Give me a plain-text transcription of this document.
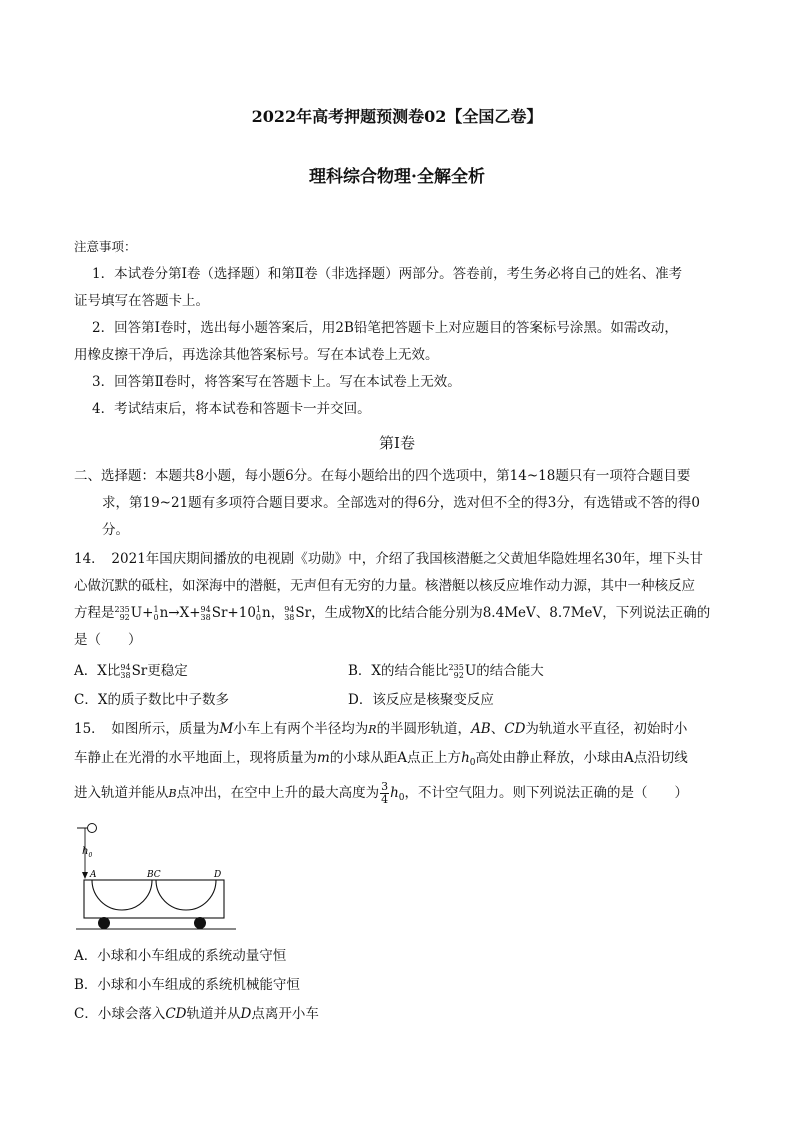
2022年高考押题预测卷02【全国乙卷】
理科综合物理·全解全析
注意事项：
1．本试卷分第Ⅰ卷（选择题）和第Ⅱ卷（非选择题）两部分。答卷前，考生务必将自己的姓名、准考
证号填写在答题卡上。
2．回答第Ⅰ卷时，选出每小题答案后，用2B铅笔把答题卡上对应题目的答案标号涂黑。如需改动，
用橡皮擦干净后，再选涂其他答案标号。写在本试卷上无效。
3．回答第Ⅱ卷时，将答案写在答题卡上。写在本试卷上无效。
4．考试结束后，将本试卷和答题卡一并交回。
第Ⅰ卷
二、选择题：本题共8小题，每小题6分。在每小题给出的四个选项中，第14~18题只有一项符合题目要
求，第19~21题有多项符合题目要求。全部选对的得6分，选对但不全的得3分，有选错或不答的得0
分。
14．　2021年国庆期间播放的电视剧《功勋》中，介绍了我国核潜艇之父黄旭华隐姓埋名30年，埋下头甘
心做沉默的砥柱，如深海中的潜艇，无声但有无穷的力量。核潜艇以核反应堆作动力源，其中一种核反应
方程是 235
92 U+ 1
0 n→X+ 94
38 Sr+10 1
0 n， 94
38 Sr，生成物X的比结合能分别为8.4MeV、8.7MeV，下列说法正确的
是（　　）
A．X比 94
38 Sr更稳定	B．X的结合能比 235
92 U的结合能大
C．X的质子数比中子数多	D．该反应是核聚变反应
15．　如图所示，质量为M小车上有两个半径均为R的半圆形轨道，AB、CD为轨道水平直径，初始时小
车静止在光滑的水平地面上，现将质量为m的小球从距A点正上方$h_0$高处由静止释放，小球由A点沿切线
进入轨道并能从B点冲出，在空中上升的最大高度为 $\frac{3}{4} h_0$，不计空气阻力。则下列说法正确的是（　　）
$h_0$
A	BC	D
A．小球和小车组成的系统动量守恒
B．小球和小车组成的系统机械能守恒
C．小球会落入CD轨道并从D点离开小车
